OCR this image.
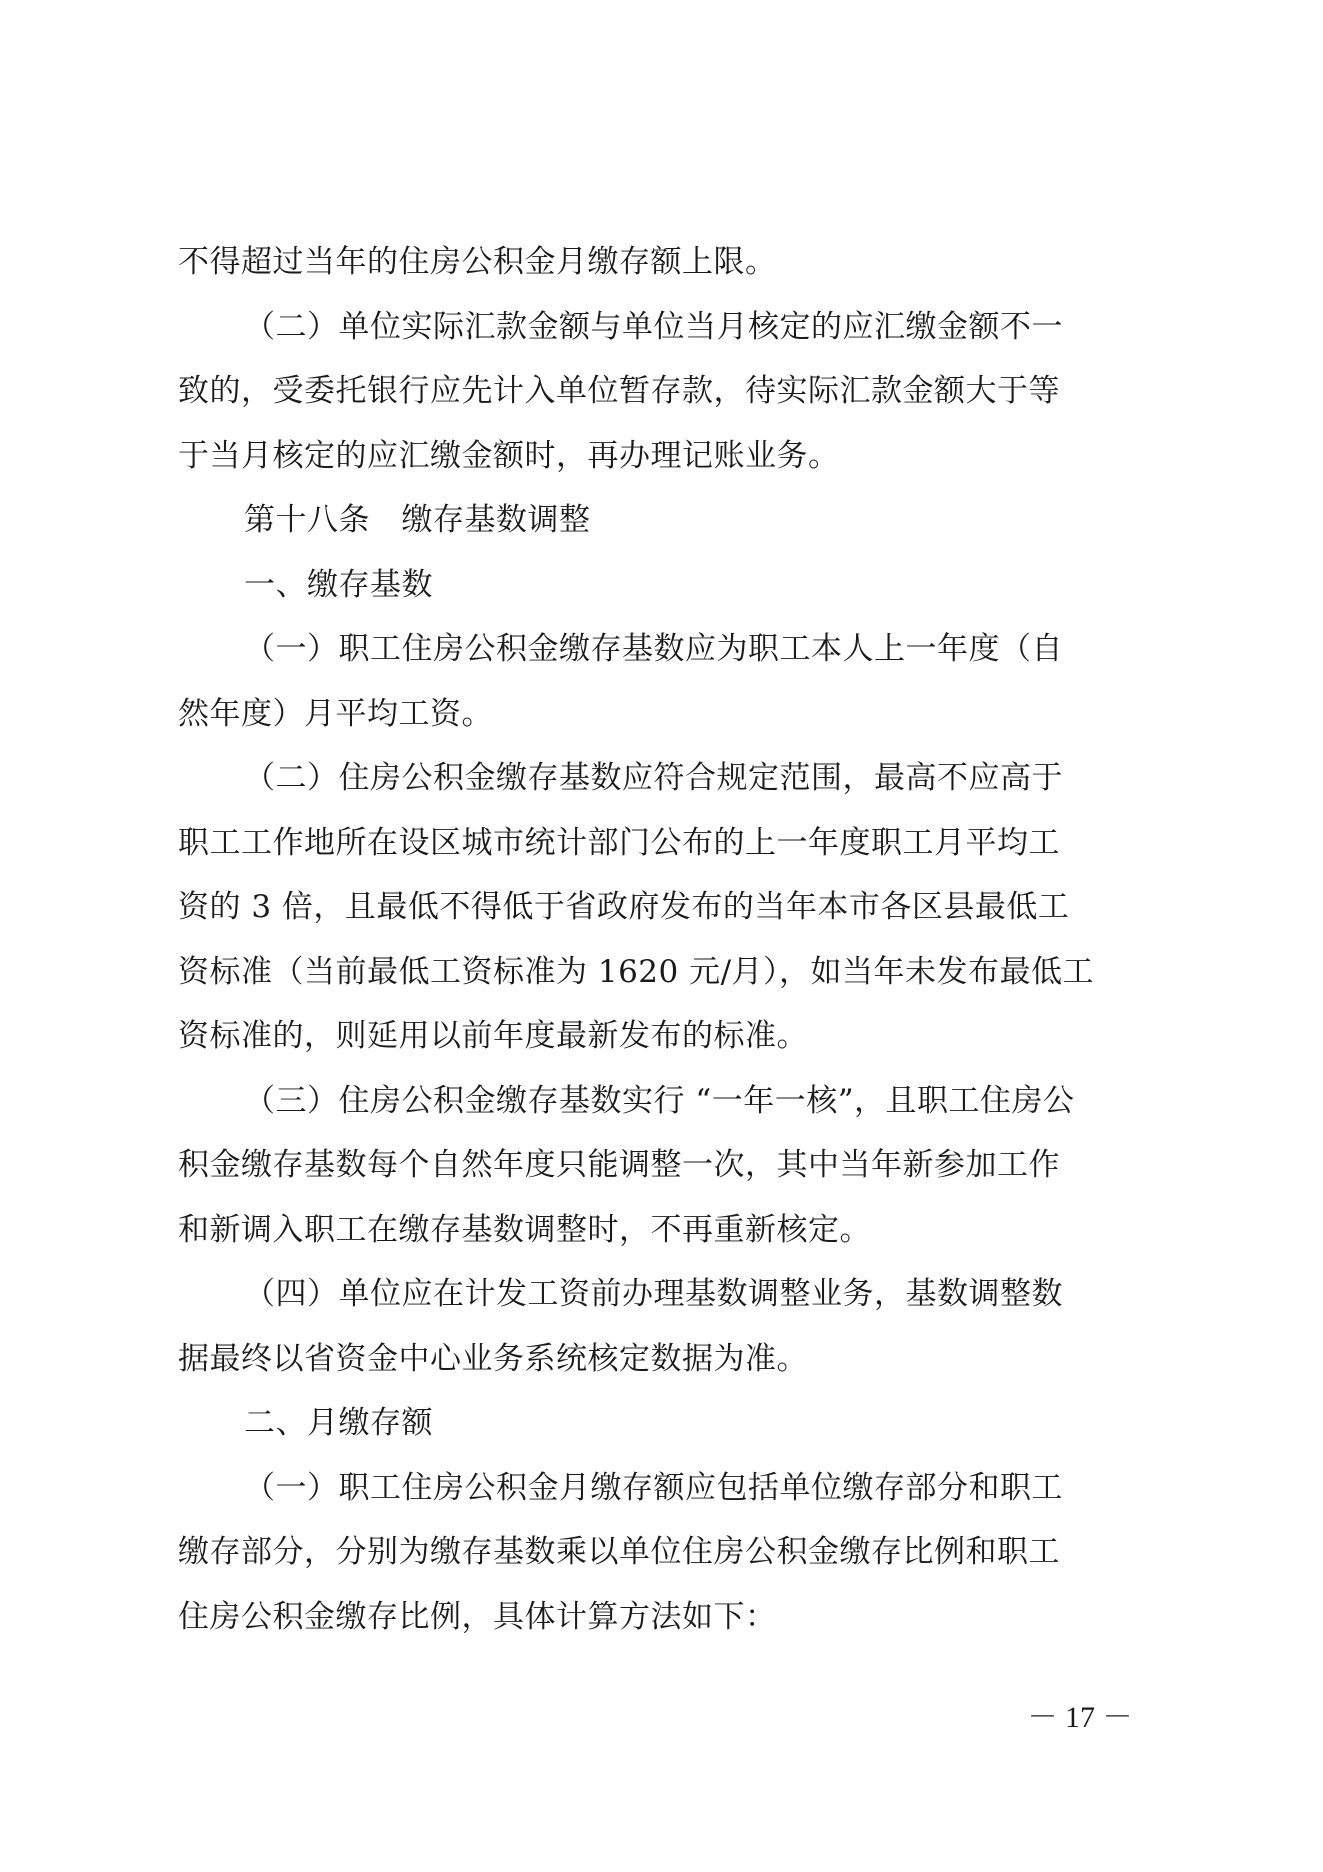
不得超过当年的住房公积金月缴存额上限。
（二）单位实际汇款金额与单位当月核定的应汇缴金额不一
致的，受委托银行应先计入单位暂存款，待实际汇款金额大于等
于当月核定的应汇缴金额时，再办理记账业务。
第十八条　缴存基数调整
一、缴存基数
（一）职工住房公积金缴存基数应为职工本人上一年度（自
然年度）月平均工资。
（二）住房公积金缴存基数应符合规定范围，最高不应高于
职工工作地所在设区城市统计部门公布的上一年度职工月平均工
资的 3 倍，且最低不得低于省政府发布的当年本市各区县最低工
资标准（当前最低工资标准为 1620 元/月），如当年未发布最低工
资标准的，则延用以前年度最新发布的标准。
（三）住房公积金缴存基数实行 “一年一核”，且职工住房公
积金缴存基数每个自然年度只能调整一次，其中当年新参加工作
和新调入职工在缴存基数调整时，不再重新核定。
（四）单位应在计发工资前办理基数调整业务，基数调整数
据最终以省资金中心业务系统核定数据为准。
二、月缴存额
（一）职工住房公积金月缴存额应包括单位缴存部分和职工
缴存部分，分别为缴存基数乘以单位住房公积金缴存比例和职工
住房公积金缴存比例，具体计算方法如下：
－ 17 －
